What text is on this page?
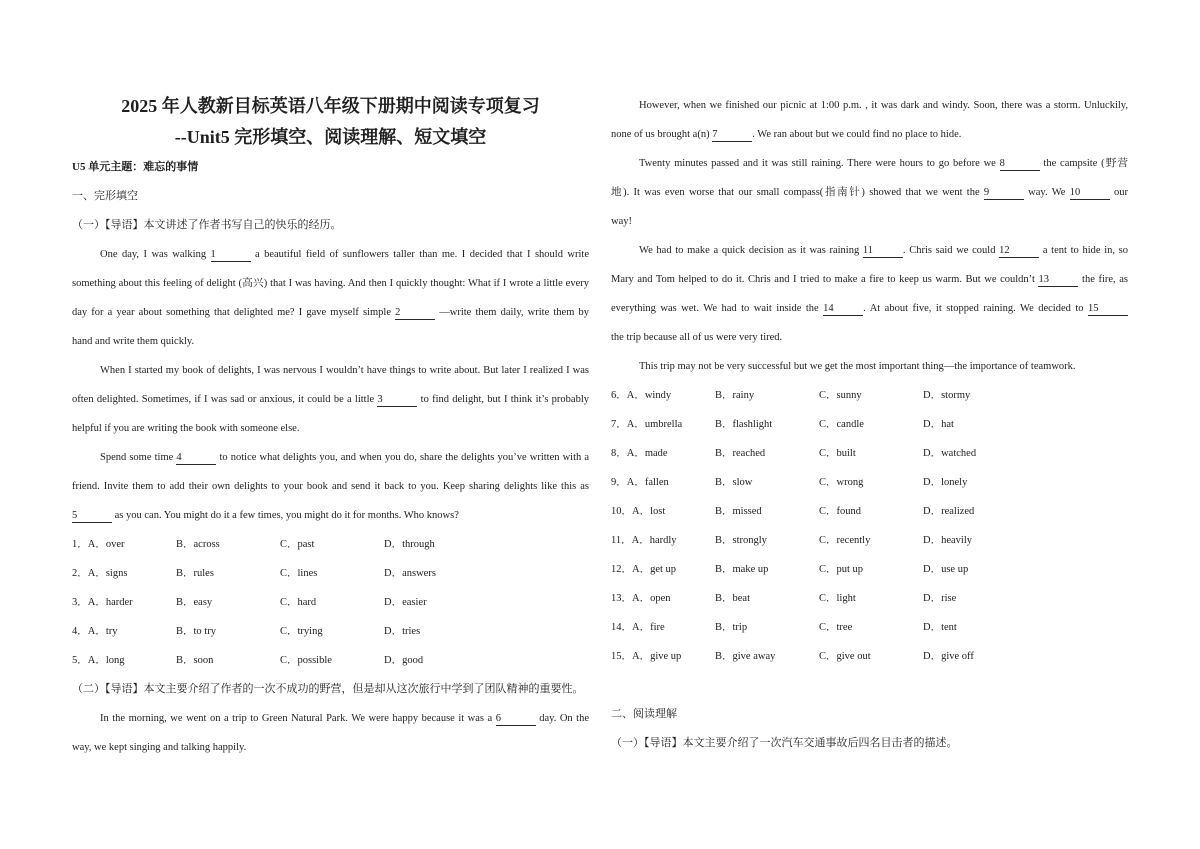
2025 年人教新目标英语八年级下册期中阅读专项复习
--Unit5 完形填空、阅读理解、短文填空
U5 单元主题：难忘的事情
一、完形填空
（一）【导语】本文讲述了作者书写自己的快乐的经历。
One day, I was walking 1	a beautiful field of sunflowers taller than me. I decided that I should write
something about this feeling of delight (高兴) that I was having. And then I quickly thought: What if I wrote a little every
day for a year about something that delighted me? I gave myself simple 2	—write them daily, write them by
hand and write them quickly.
When I started my book of delights, I was nervous I wouldn’t have things to write about. But later I realized I was
often delighted. Sometimes, if I was sad or anxious, it could be a little 3	to find delight, but I think it’s probably
helpful if you are writing the book with someone else.
Spend some time 4	to notice what delights you, and when you do, share the delights you’ve written with a
friend. Invite them to add their own delights to your book and send it back to you. Keep sharing delights like this as
5	as you can. You might do it a few times, you might do it for months. Who knows?
1．A．over	B．across	C．past	D．through
2．A．signs	B．rules	C．lines	D．answers
3．A．harder	B．easy	C．hard	D．easier
4．A．try	B．to try	C．trying	D．tries
5．A．long	B．soon	C．possible	D．good
（二）【导语】本文主要介绍了作者的一次不成功的野营，但是却从这次旅行中学到了团队精神的重要性。
In the morning, we went on a trip to Green Natural Park. We were happy because it was a 6	day. On the
way, we kept singing and talking happily.
However, when we finished our picnic at 1:00 p.m. , it was dark and windy. Soon, there was a storm. Unluckily,
none of us brought a(n) 7	. We ran about but we could find no place to hide.
Twenty minutes passed and it was still raining. There were hours to go before we 8	the campsite (野营
地). It was even worse that our small compass(指南针) showed that we went the 9	way. We 10	our
way!
We had to make a quick decision as it was raining 11	. Chris said we could 12	a tent to hide in, so
Mary and Tom helped to do it. Chris and I tried to make a fire to keep us warm. But we couldn’t 13	the fire, as
everything was wet. We had to wait inside the 14	. At about five, it stopped raining. We decided to 15
the trip because all of us were very tired.
This trip may not be very successful but we get the most important thing—the importance of teamwork.
6．A．windy	B．rainy	C．sunny	D．stormy
7．A．umbrella	B．flashlight	C．candle	D．hat
8．A．made	B．reached	C．built	D．watched
9．A．fallen	B．slow	C．wrong	D．lonely
10．A．lost	B．missed	C．found	D．realized
11．A．hardly	B．strongly	C．recently	D．heavily
12．A．get up	B．make up	C．put up	D．use up
13．A．open	B．beat	C．light	D．rise
14．A．fire	B．trip	C．tree	D．tent
15．A．give up	B．give away	C．give out	D．give off
二、阅读理解
（一）【导语】本文主要介绍了一次汽车交通事故后四名目击者的描述。
